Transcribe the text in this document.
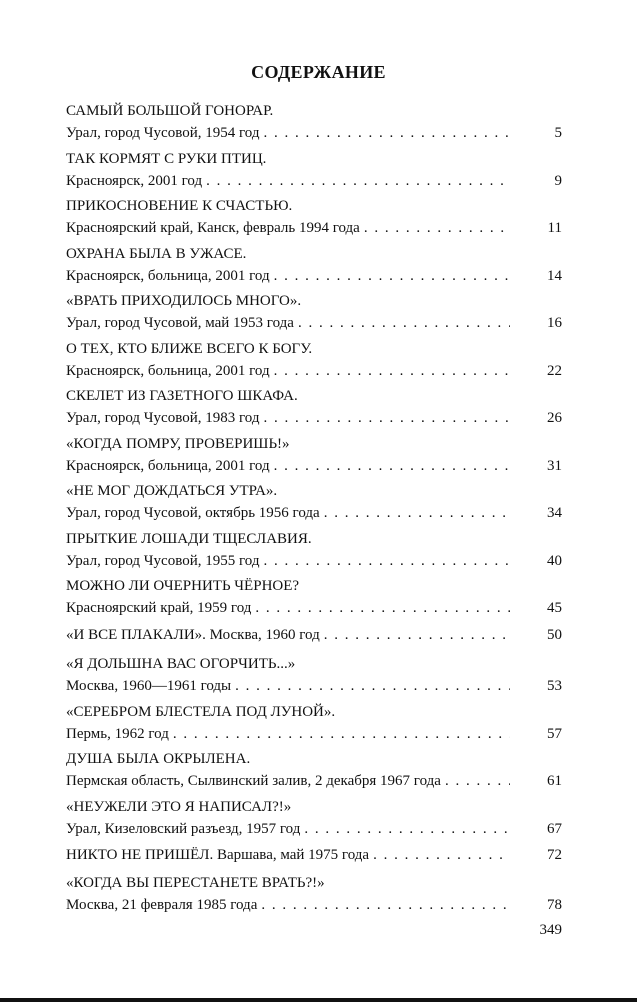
СОДЕРЖАНИЕ
САМЫЙ БОЛЬШОЙ ГОНОРАР.
Урал, город Чусовой, 1954 год . . .	5
ТАК КОРМЯТ С РУКИ ПТИЦ.
Красноярск, 2001 год . . .	9
ПРИКОСНОВЕНИЕ К СЧАСТЬЮ.
Красноярский край, Канск, февраль 1994 года . . .	11
ОХРАНА БЫЛА В УЖАСЕ.
Красноярск, больница, 2001 год . . .	14
«ВРАТЬ ПРИХОДИЛОСЬ МНОГО».
Урал, город Чусовой, май 1953 года . . .	16
О ТЕХ, КТО БЛИЖЕ ВСЕГО К БОГУ.
Красноярск, больница, 2001 год . . .	22
СКЕЛЕТ ИЗ ГАЗЕТНОГО ШКАФА.
Урал, город Чусовой, 1983 год . . .	26
«КОГДА ПОМРУ, ПРОВЕРИШЬ!»
Красноярск, больница, 2001 год . . .	31
«НЕ МОГ ДОЖДАТЬСЯ УТРА».
Урал, город Чусовой, октябрь 1956 года . . .	34
ПРЫТКИЕ ЛОШАДИ ТЩЕСЛАВИЯ.
Урал, город Чусовой, 1955 год . . .	40
МОЖНО ЛИ ОЧЕРНИТЬ ЧЁРНОЕ?
Красноярский край, 1959 год . . .	45
«И ВСЕ ПЛАКАЛИ». Москва, 1960 год . . .	50
«Я ДОЛЬШНА ВАС ОГОРЧИТЬ...»
Москва, 1960—1961 годы . . .	53
«СЕРЕБРОМ БЛЕСТЕЛА ПОД ЛУНОЙ».
Пермь, 1962 год . . .	57
ДУША БЫЛА ОКРЫЛЕНА.
Пермская область, Сылвинский залив, 2 декабря 1967 года . . .	61
«НЕУЖЕЛИ ЭТО Я НАПИСАЛ?!»
Урал, Кизеловский разъезд, 1957 год . . .	67
НИКТО НЕ ПРИШЁЛ. Варшава, май 1975 года . . .	72
«КОГДА ВЫ ПЕРЕСТАНЕТЕ ВРАТЬ?!»
Москва, 21 февраля 1985 года . . .	78
349
